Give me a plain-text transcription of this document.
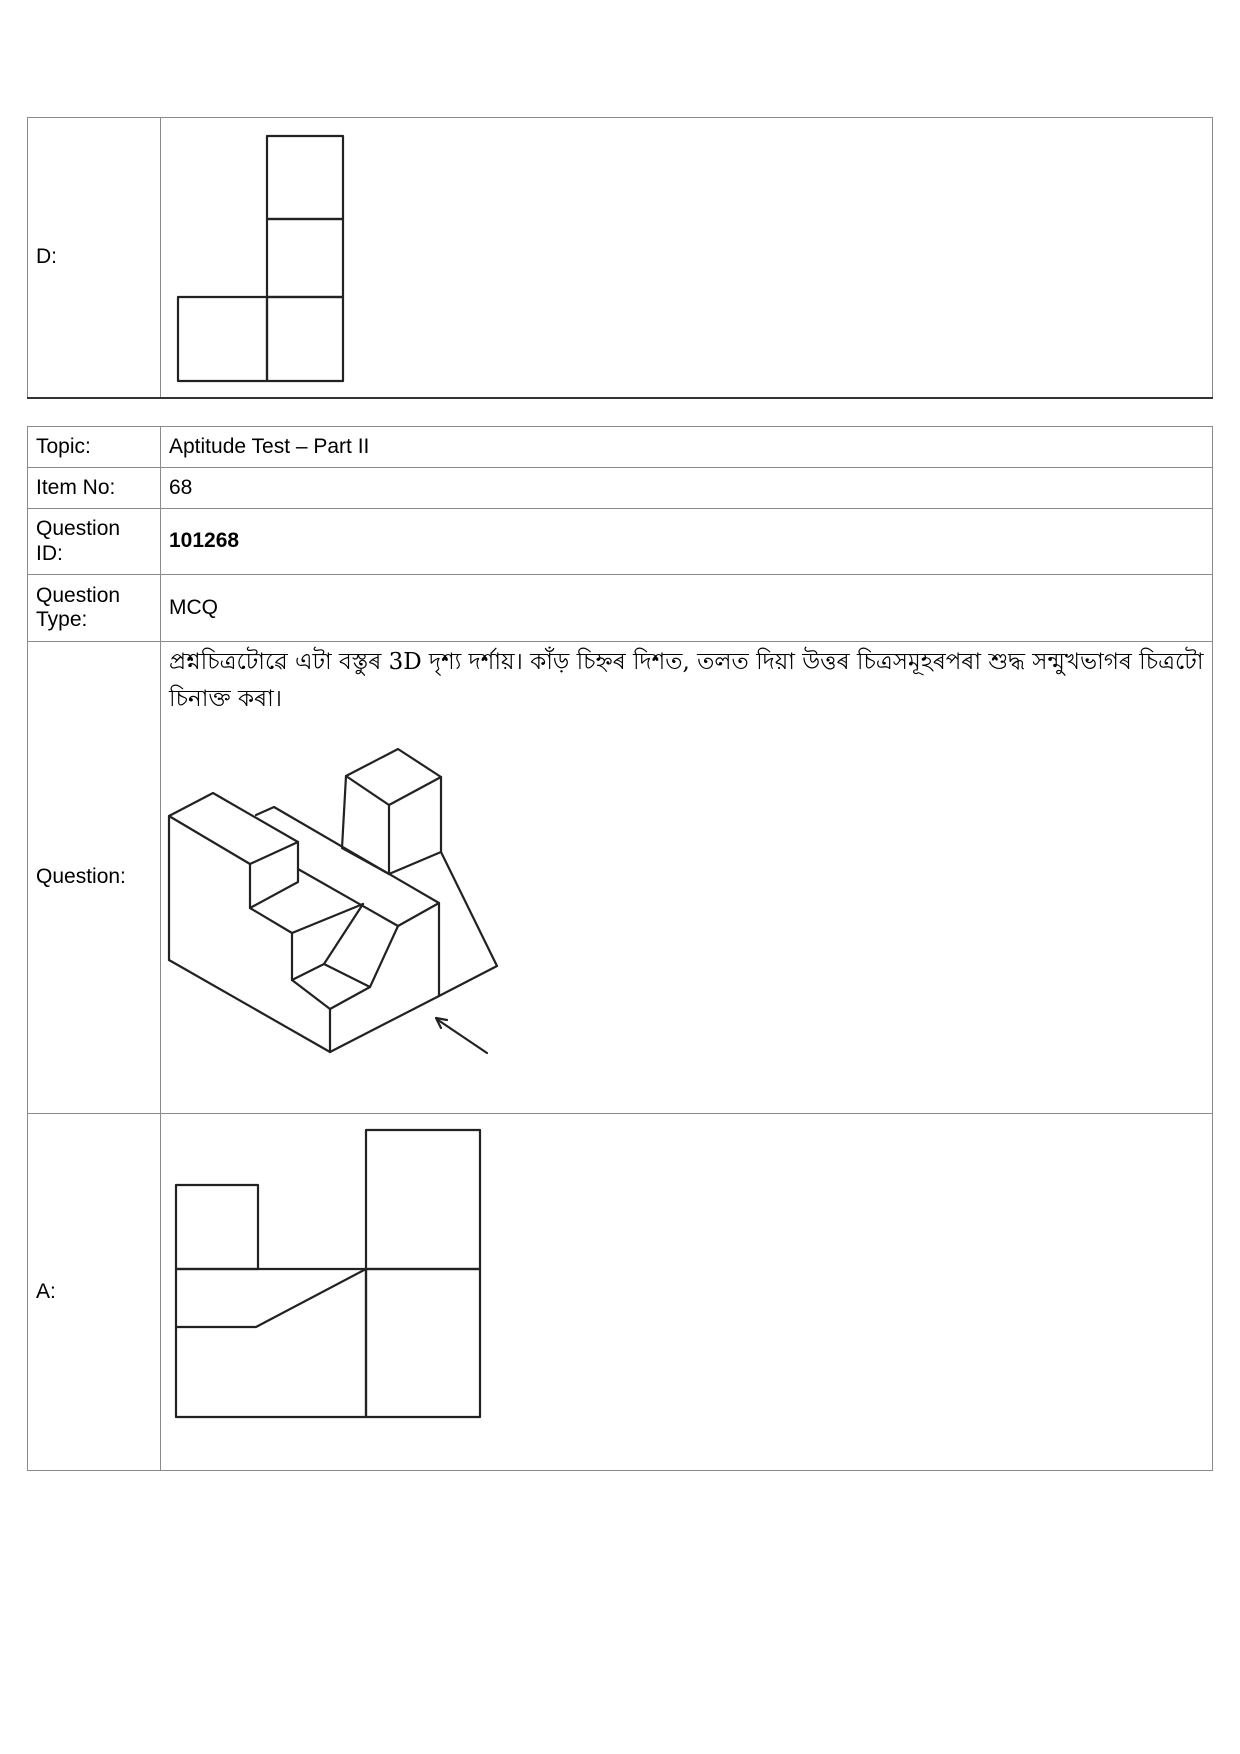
D:	
Topic:	Aptitude Test – Part II
Item No:	68
Question ID:	101268
Question Type:	MCQ
Question:	প্ৰশ্নচিত্ৰটোৱে এটা বস্তুৰ 3D দৃশ্য দৰ্শায়। কাঁড় চিহ্নৰ দিশত, তলত দিয়া উত্তৰ চিত্ৰসমূহৰপৰা শুদ্ধ সন্মুখভাগৰ চিত্ৰটো চিনাক্ত কৰা।

A:	
